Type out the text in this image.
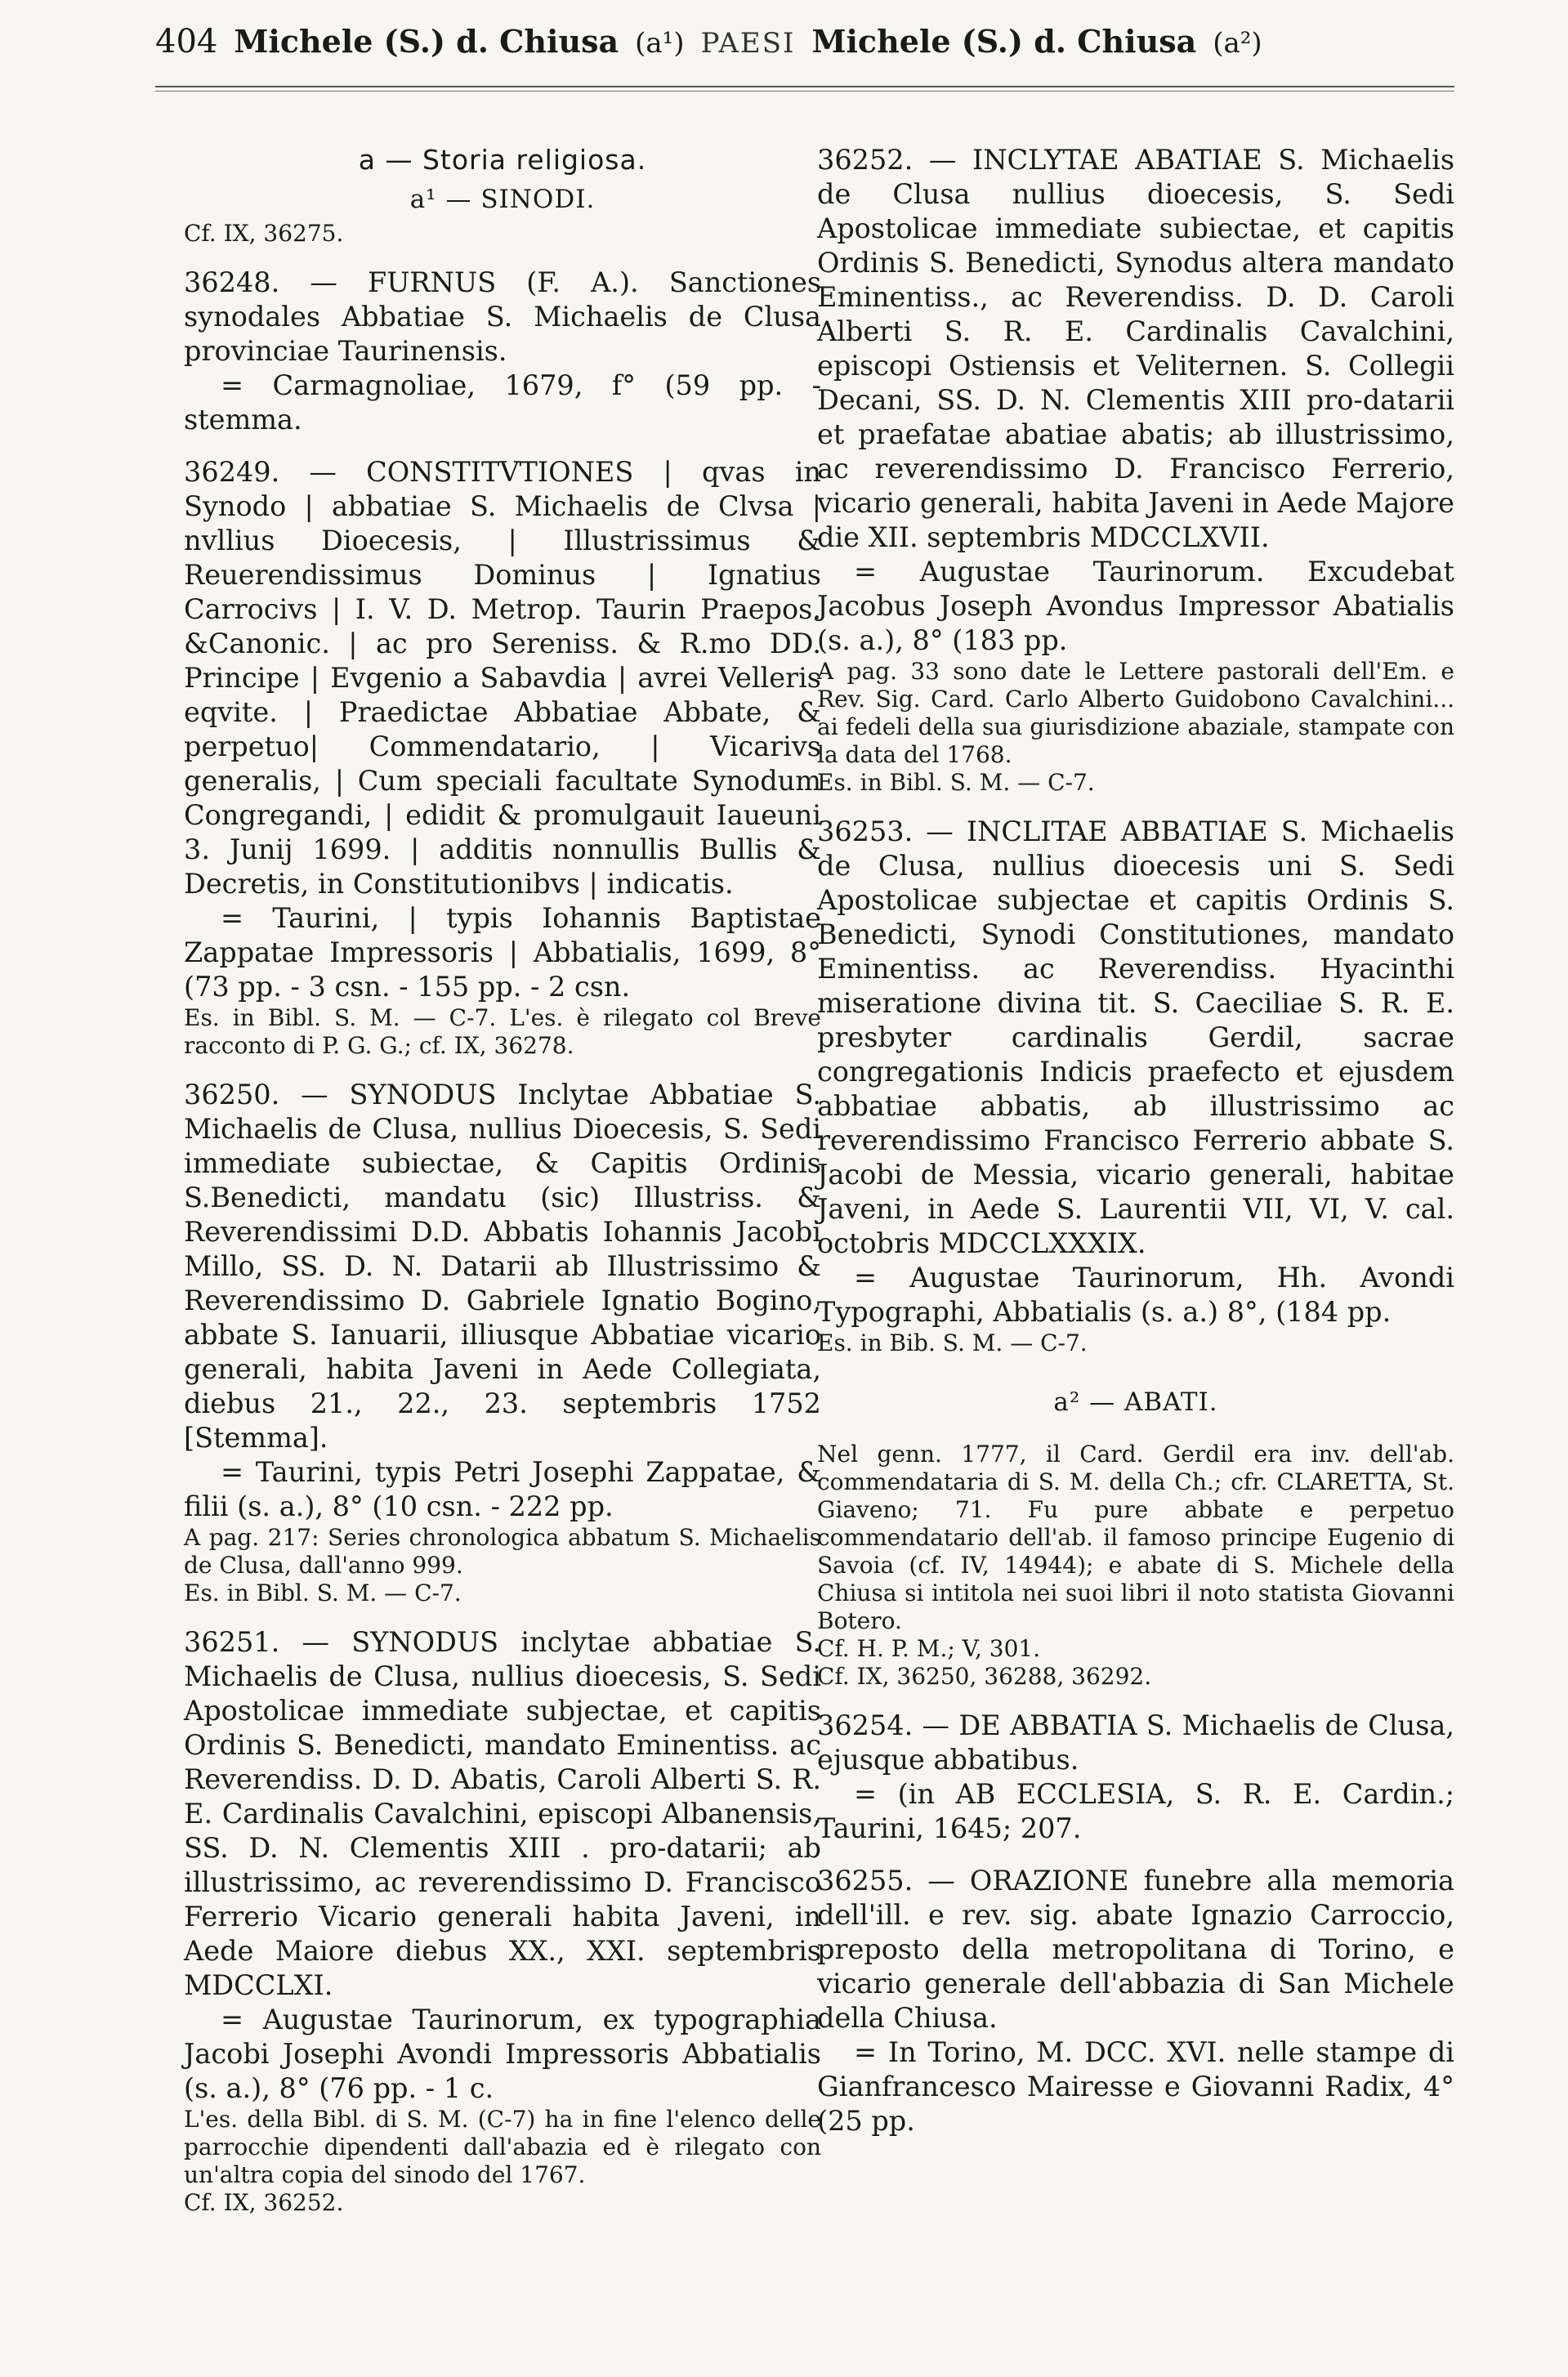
404 Michele (S.) d. Chiusa (a¹) PAESI Michele (S.) d. Chiusa (a²)
a — Storia religiosa.
a¹ — SINODI.
Cf. IX, 36275.

36248. — FURNUS (F. A.). Sanctiones synodales Abbatiae S. Michaelis de Clusa provinciae Taurinensis.

= Carmagnoliae, 1679, f° (59 pp. - stemma.

36249. — CONSTITVTIONES | qvas in Synodo | abbatiae S. Michaelis de Clvsa | nvllius Dioecesis, | Illustrissimus & Reuerendissimus Dominus | Ignatius Carrocivs | I. V. D. Metrop. Taurin Praepos. &Canonic. | ac pro Sereniss. & R.mo DD. Principe | Evgenio a Sabavdia | avrei Velleris eqvite. | Praedictae Abbatiae Abbate, & perpetuo| Commendatario, | Vicarivs generalis, | Cum speciali facultate Synodum Congregandi, | edidit & promulgauit Iaueuni 3. Junij 1699. | additis nonnullis Bullis & Decretis, in Constitutionibvs | indicatis.

= Taurini, | typis Iohannis Baptistae Zappatae Impressoris | Abbatialis, 1699, 8° (73 pp. - 3 csn. - 155 pp. - 2 csn.

Es. in Bibl. S. M. — C-7. L'es. è rilegato col Breve racconto di P. G. G.; cf. IX, 36278.

36250. — SYNODUS Inclytae Abbatiae S. Michaelis de Clusa, nullius Dioecesis, S. Sedi immediate subiectae, & Capitis Ordinis S.Benedicti, mandatu (sic) Illustriss. & Reverendissimi D.D. Abbatis Iohannis Jacobi Millo, SS. D. N. Datarii ab Illustrissimo & Reverendissimo D. Gabriele Ignatio Bogino, abbate S. Ianuarii, illiusque Abbatiae vicario generali, habita Javeni in Aede Collegiata, diebus 21., 22., 23. septembris 1752 [Stemma].

= Taurini, typis Petri Josephi Zappatae, & filii (s. a.), 8° (10 csn. - 222 pp.

A pag. 217: Series chronologica abbatum S. Michaelis de Clusa, dall'anno 999.

Es. in Bibl. S. M. — C-7.

36251. — SYNODUS inclytae abbatiae S. Michaelis de Clusa, nullius dioecesis, S. Sedi Apostolicae immediate subjectae, et capitis Ordinis S. Benedicti, mandato Eminentiss. ac Reverendiss. D. D. Abatis, Caroli Alberti S. R. E. Cardinalis Cavalchini, episcopi Albanensis, SS. D. N. Clementis XIII . pro-datarii; ab illustrissimo, ac reverendissimo D. Francisco Ferrerio Vicario generali habita Javeni, in Aede Maiore diebus XX., XXI. septembris MDCCLXI.

= Augustae Taurinorum, ex typographia Jacobi Josephi Avondi Impressoris Abbatialis (s. a.), 8° (76 pp. - 1 c.

L'es. della Bibl. di S. M. (C-7) ha in fine l'elenco delle parrocchie dipendenti dall'abazia ed è rilegato con un'altra copia del sinodo del 1767.

Cf. IX, 36252.

36252. — INCLYTAE ABATIAE S. Michaelis de Clusa nullius dioecesis, S. Sedi Apostolicae immediate subiectae, et capitis Ordinis S. Benedicti, Synodus altera mandato Eminentiss., ac Reverendiss. D. D. Caroli Alberti S. R. E. Cardinalis Cavalchini, episcopi Ostiensis et Veliternen. S. Collegii Decani, SS. D. N. Clementis XIII pro-datarii et praefatae abatiae abatis; ab illustrissimo, ac reverendissimo D. Francisco Ferrerio, vicario generali, habita Javeni in Aede Majore die XII. septembris MDCCLXVII.

= Augustae Taurinorum. Excudebat Jacobus Joseph Avondus Impressor Abatialis (s. a.), 8° (183 pp.

A pag. 33 sono date le Lettere pastorali dell'Em. e Rev. Sig. Card. Carlo Alberto Guidobono Cavalchini... ai fedeli della sua giurisdizione abaziale, stampate con la data del 1768.

Es. in Bibl. S. M. — C-7.

36253. — INCLITAE ABBATIAE S. Michaelis de Clusa, nullius dioecesis uni S. Sedi Apostolicae subjectae et capitis Ordinis S. Benedicti, Synodi Constitutiones, mandato Eminentiss. ac Reverendiss. Hyacinthi miseratione divina tit. S. Caeciliae S. R. E. presbyter cardinalis Gerdil, sacrae congregationis Indicis praefecto et ejusdem abbatiae abbatis, ab illustrissimo ac reverendissimo Francisco Ferrerio abbate S. Jacobi de Messia, vicario generali, habitae Javeni, in Aede S. Laurentii VII, VI, V. cal. octobris MDCCLXXXIX.

= Augustae Taurinorum, Hh. Avondi Typographi, Abbatialis (s. a.) 8°, (184 pp.

Es. in Bib. S. M. — C-7.

a² — ABATI.

Nel genn. 1777, il Card. Gerdil era inv. dell'ab. commendataria di S. M. della Ch.; cfr. CLARETTA, St. Giaveno; 71. Fu pure abbate e perpetuo commendatario dell'ab. il famoso principe Eugenio di Savoia (cf. IV, 14944); e abate di S. Michele della Chiusa si intitola nei suoi libri il noto statista Giovanni Botero.

Cf. H. P. M.; V, 301.

Cf. IX, 36250, 36288, 36292.

36254. — DE ABBATIA S. Michaelis de Clusa, ejusque abbatibus.

= (in AB ECCLESIA, S. R. E. Cardin.; Taurini, 1645; 207.

36255. — ORAZIONE funebre alla memoria dell'ill. e rev. sig. abate Ignazio Carroccio, preposto della metropolitana di Torino, e vicario generale dell'abbazia di San Michele della Chiusa.

= In Torino, M. DCC. XVI. nelle stampe di Gianfrancesco Mairesse e Giovanni Radix, 4° (25 pp.
